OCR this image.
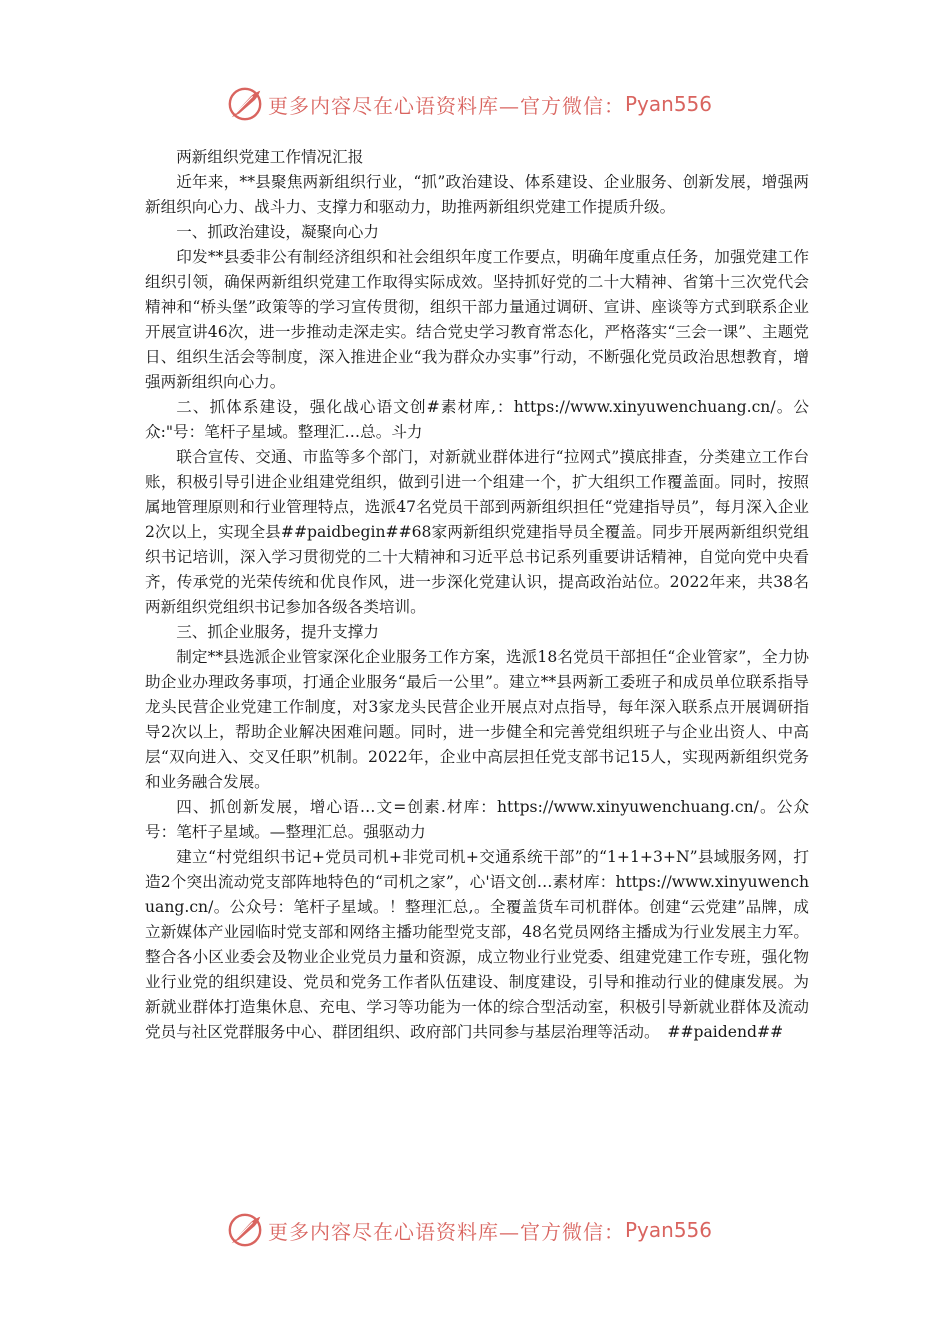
更多内容尽在心语资料库—官方微信： Pyan556

两新组织党建工作情况汇报

近年来，**县聚焦两新组织行业，“抓”政治建设、体系建设、企业服务、创新发展，增强两新组织向心力、战斗力、支撑力和驱动力，助推两新组织党建工作提质升级。

一、抓政治建设，凝聚向心力

印发**县委非公有制经济组织和社会组织年度工作要点，明确年度重点任务，加强党建工作组织引领，确保两新组织党建工作取得实际成效。坚持抓好党的二十大精神、省第十三次党代会精神和“桥头堡”政策等的学习宣传贯彻，组织干部力量通过调研、宣讲、座谈等方式到联系企业开展宣讲46次，进一步推动走深走实。结合党史学习教育常态化，严格落实“三会一课”、主题党日、组织生活会等制度，深入推进企业“我为群众办实事”行动，不断强化党员政治思想教育，增强两新组织向心力。

二、抓体系建设，强化战心语文创#素材库,：https://www.xinyuwenchuang.cn/。公众:"号：笔杆子星域。整理汇…总。斗力

联合宣传、交通、市监等多个部门，对新就业群体进行“拉网式”摸底排查，分类建立工作台账，积极引导引进企业组建党组织，做到引进一个组建一个，扩大组织工作覆盖面。同时，按照属地管理原则和行业管理特点，选派47名党员干部到两新组织担任“党建指导员”，每月深入企业2次以上，实现全县##paidbegin##68家两新组织党建指导员全覆盖。同步开展两新组织党组织书记培训，深入学习贯彻党的二十大精神和习近平总书记系列重要讲话精神，自觉向党中央看齐，传承党的光荣传统和优良作风，进一步深化党建认识，提高政治站位。2022年来，共38名两新组织党组织书记参加各级各类培训。

三、抓企业服务，提升支撑力

制定**县选派企业管家深化企业服务工作方案，选派18名党员干部担任“企业管家”，全力协助企业办理政务事项，打通企业服务“最后一公里”。建立**县两新工委班子和成员单位联系指导龙头民营企业党建工作制度，对3家龙头民营企业开展点对点指导，每年深入联系点开展调研指导2次以上，帮助企业解决困难问题。同时，进一步健全和完善党组织班子与企业出资人、中高层“双向进入、交叉任职”机制。2022年，企业中高层担任党支部书记15人，实现两新组织党务和业务融合发展。

四、抓创新发展，增心语…文=创素.材库：https://www.xinyuwenchuang.cn/。公众号：笔杆子星域。—整理汇总。强驱动力

建立“村党组织书记+党员司机+非党司机+交通系统干部”的“1+1+3+N”县域服务网，打造2个突出流动党支部阵地特色的“司机之家”，心'语文创…素材库：https://www.xinyuwenchuang.cn/。公众号：笔杆子星域。！整理汇总,。全覆盖货车司机群体。创建“云党建”品牌，成立新媒体产业园临时党支部和网络主播功能型党支部，48名党员网络主播成为行业发展主力军。整合各小区业委会及物业企业党员力量和资源，成立物业行业党委、组建党建工作专班，强化物业行业党的组织建设、党员和党务工作者队伍建设、制度建设，引导和推动行业的健康发展。为新就业群体打造集休息、充电、学习等功能为一体的综合型活动室，积极引导新就业群体及流动党员与社区党群服务中心、群团组织、政府部门共同参与基层治理等活动。　##paidend##

更多内容尽在心语资料库—官方微信： Pyan556
